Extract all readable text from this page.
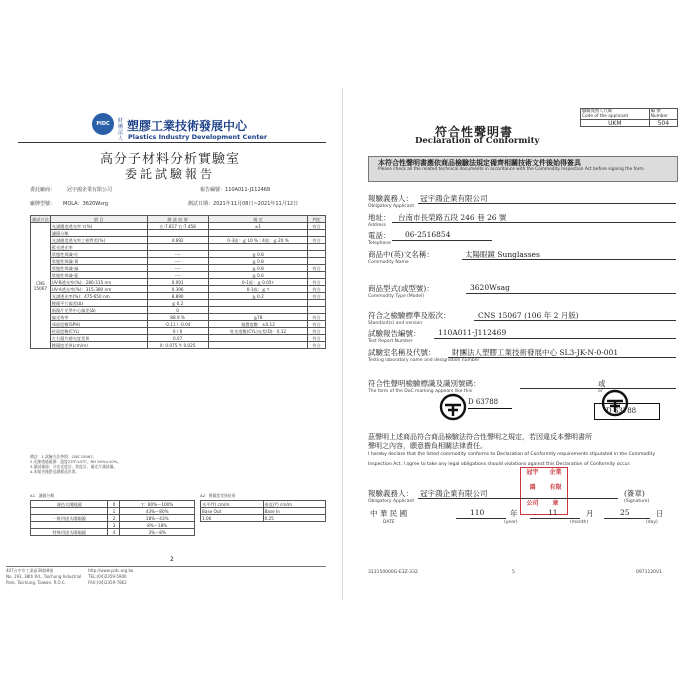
PIDC 財團法人
塑膠工業技術發展中心
Plastics Industry Development Center
高分子材料分析實驗室
委託試驗報告
委託廠商： 冠宇鴻企業有限公司	報告編號：110A011-J112468
廠牌型號： MOLA：3620Wsrg	測試日期：2021年11月08日~2021年11月12日
測試方法	項 目	測 試 結 果	規 定	判定
CNS 15067	光譜濃度透光率 τ(%)	左:7.817 右:7.458	≥1	符合
	濾鏡分類			
	光譜濃度透光率之相對差(%)	4.692	0-3級：≦ 10 %｜4級：≦ 20 %	符合
	藍光透光率			
	狀態性辨識-紅	----	≧ 0.8	
	狀態性辨識-黃	----	≧ 0.8	
	狀態性辨識-綠	----	≧ 0.8	符合
	狀態性辨識-藍	----	≧ 0.6	
	UV-B透光率(%)：280-315 nm	0.091	0-1級：≦ 0.05τ	符合
	UV-A透光率(%)：315-380 nm	0.396	0-1級：≦ τ	符合
	光譜透光率(%)：475-650 nm	8.890	≧ 0.2	符合
	稜鏡平行偏差(Δ)	≦ 0.2		
	兩鏡片光學中心偏差(Δ)	0		
	偏光效率	88.9 %	≧78	符合
	球面度數(SPH)	-0.11 / -0.04	視覺度數：±0.12	符合
	柱面度數(CYL)	0 / 0	柱光度數(CYL)允差(D)：0.12	符合
	左右鏡片總光度差異	0.07		符合
	稜鏡度差異(cm/m)	X: 0.075 Y: 0.025		符合
備註：1.試驗方法參照：CNS 15067。
2.光線透過量測：溫度23℃±5℃，RH 50%±10%。
3.測試儀器：分光光度計、焦度計、偏光片測試儀。
4.本報告僅對送測樣品負責。
A1：濾鏡分類	A2：稜鏡度差異結果
淺色太陽眼鏡	0	τ：80%～100%
	1	43%～80%
一般用途太陽眼鏡	2	18%～43%
	3	8%～18%
特殊用途太陽眼鏡	4	3%～8%
水平(Y) cm/m	垂直(Y) cm/m
Base Out	Base In
1.00	0.25
2
407台中市工業區38路8號
No. 193, 38th Rd., Taichung Industrial
Park, Taichung, Taiwan, R.O.C.
http://www.pidc.org.tw
TEL:(04)2359-5900
FAX:(04)2359-7862
驗驗義務人代碼
Code of the applicant	編 號
Number
UKM	504
符合性聲明書
Declaration of Conformity
本符合性聲明書應依商品檢驗法規定備齊相關技術文件後始得簽具
Please check all the related technical documents in accordance with the Commodity Inspection Act before signing the form.
報驗義務人： 冠宇鴻企業有限公司
Obligatory Applicant
地址： 台南市長榮路五段 246 巷 26 號
Address
電話： 06-2516854
Telephone
商品中(英)文名稱：	太陽眼鏡 Sunglasses
Commodity Name
商品型式(或型號)：	3620Wsag
Commodity Type (Model)
符合之檢驗標準及版次：	CNS 15067 (106 年 2 月版)
Standard(s) and version
試驗報告編號： 110A011-J112469
Test Report Number
試驗室名稱及代號： 財團法人塑膠工業技術發展中心 SL3-JK-N-0-001
Testing laboratory name and designation number
符合性聲明檢驗標識及識別號碼：
The form of the DoC marking appears like this
或
or
D 63788
D 63788
茲聲明上述商品符合商品檢驗法符合性聲明之規定，若因違反本聲明書所
聲明之內容，願意擔負相關法律責任。
I hereby declare that the listed commodity conforms to Declaration of Conformity requirements stipulated in the Commodity
Inspection Act. I agree to take any legal obligations should violations against this Declaration of Conformity occur.
冠宇	企業
鴻	有限
公司	章
報驗義務人： 冠宇鴻企業有限公司
Obligatory Applicant
(簽章)
(Signature)
中 華 民 國
DATE
110	年
(year)
11	月
(month)
25	日
(day)
313150000G-E3Z-332	5	0971120V1
